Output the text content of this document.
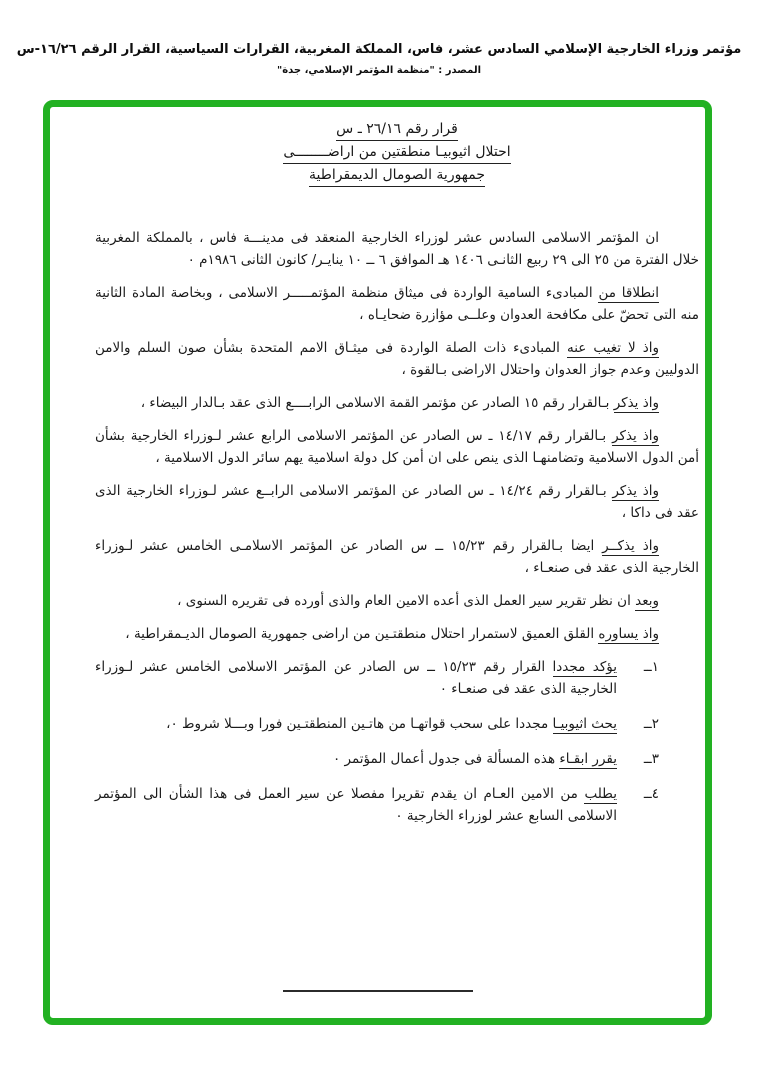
مؤتمر وزراء الخارجية الإسلامي السادس عشر، فاس، المملكة المغربية، القرارات السياسية، القرار الرقم ١٦/٢٦-س
المصدر : "منظمة المؤتمر الإسلامي، جدة"
قرار رقم ٢٦/١٦ ـ س
احتلال اثيوبيـا منطقتين من اراضــــــــى
جمهورية الصومال الديمقراطية

ان المؤتمر الاسلامى السادس عشر لوزراء الخارجية المنعقد فى مدينـــة فاس ، بالمملكة المغربية خلال الفترة من ٢٥ الى ٢٩ ربيع الثانـى ١٤٠٦ هـ الموافق ٦ ــ ١٠ ينايـر/ كانون الثانى ١٩٨٦م ٠

انطلاقا من المبادىء السامية الواردة فى ميثاق منظمة المؤتمـــــر الاسلامى ، وبخاصة المادة الثانية منه التى تحضّ على مكافحة العدوان وعلــى مؤازرة ضحايـاه ،

واذ لا تغيب عنه المبادىء ذات الصلة الواردة فى ميثـاق الامم المتحدة بشأن صون السلم والامن الدوليين وعدم جواز العدوان واحتلال الاراضى بـالقوة ،

واذ يذكر بـالقرار رقم ١٥ الصادر عن مؤتمر القمة الاسلامى الرابــــع الذى عقد بـالدار البيضاء ،

واذ يذكر بـالقرار رقم ١٤/١٧ ـ س الصادر عن المؤتمر الاسلامى الرابع عشر لـوزراء الخارجية بشأن أمن الدول الاسلامية وتضامنهـا الذى ينص على ان أمن كل دولة اسلامية يهم سائر الدول الاسلامية ،

واذ يذكر بـالقرار رقم ١٤/٢٤ ـ س الصادر عن المؤتمر الاسلامى الرابــع عشر لـوزراء الخارجية الذى عقد فى داكا ،

واذ يذكــر ايضا بـالقرار رقم ١٥/٢٣ ــ س الصادر عن المؤتمر الاسلامـى الخامس عشر لـوزراء الخارجية الذى عقد فى صنعـاء ،

وبعد ان نظر تقرير سير العمل الذى أعده الامين العام والذى أورده فى تقريره السنوى ،

واذ يساوره القلق العميق لاستمرار احتلال منطقتـين من اراضى جمهورية الصومال الديـمقراطية ،

١ــ
يؤكد مجددا القرار رقم ١٥/٢٣ ــ س الصادر عن المؤتمر الاسلامى الخامس عشر لـوزراء الخارجية الذى عقد فى صنعـاء ٠
٢ــ
يحث اثيوبيـا مجددا على سحب قواتهـا من هاتـين المنطقتـين فورا وبـــلا شروط ٠،
٣ــ
يقرر ابقـاء هذه المسألة فى جدول أعمال المؤتمر ٠
٤ــ
يطلب من الامين العـام ان يقدم تقريرا مفصلا عن سير العمل فى هذا الشأن الى المؤتمر الاسلامى السابع عشر لوزراء الخارجية ٠
